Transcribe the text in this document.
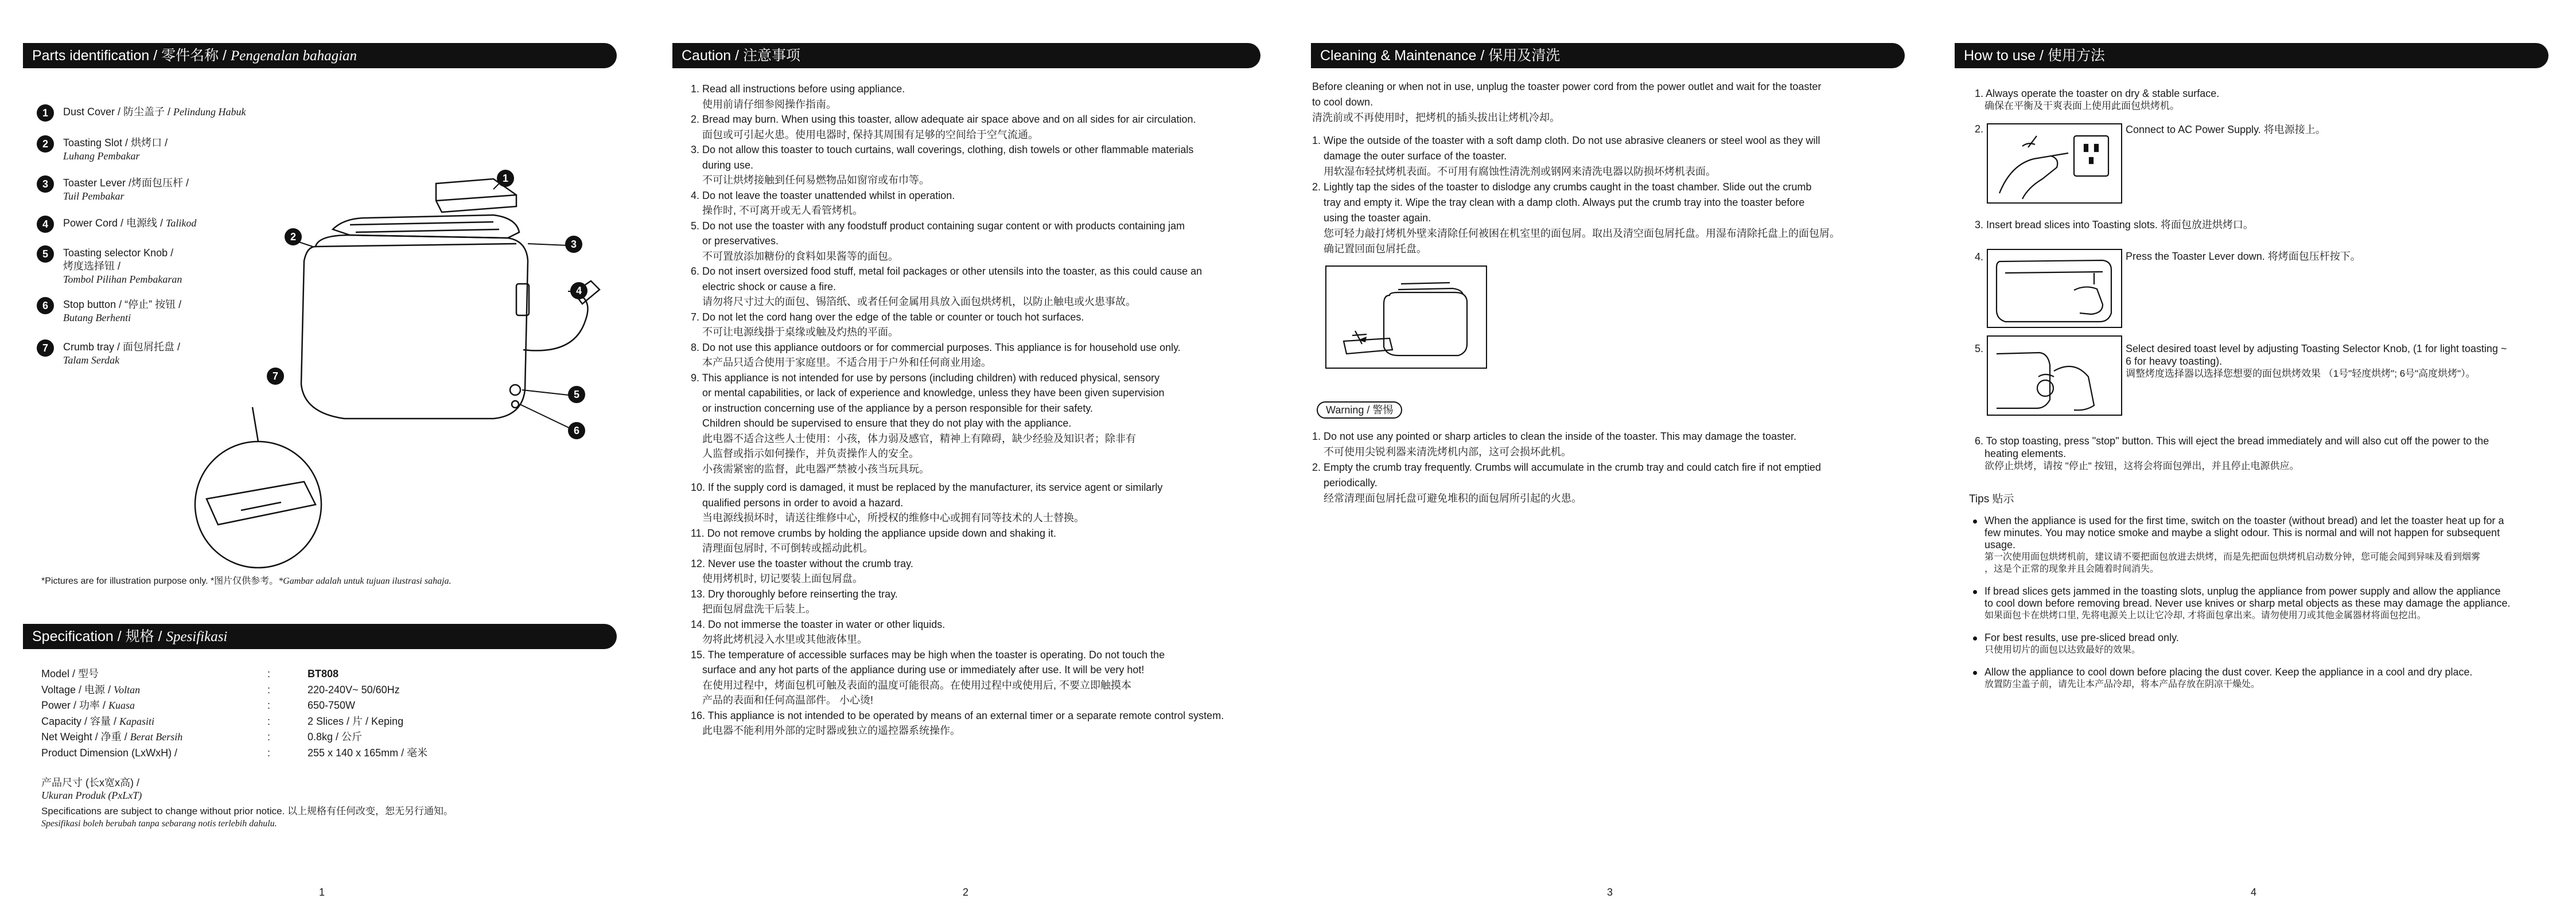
Parts identification / 零件名称 / Pengenalan bahagian
1	Dust Cover / 防尘盖子 / Pelindung Habuk
2	Toasting Slot / 烘烤口 /
Luhang Pembakar
3	Toaster Lever /烤面包压杆 /
Tuil Pembakar
4	Power Cord / 电源线 / Talikod
5	Toasting selector Knob /
烤度选择钮 /
Tombol Pilihan Pembakaran
6	Stop button / “停止” 按钮 /
Butang Berhenti
7	Crumb tray / 面包屑托盘 /
Talam Serdak
1
2
3
4
5
6
7
*Pictures are for illustration purpose only. *图片仅供参考。*Gambar adalah untuk tujuan ilustrasi sahaja.
Specification / 规格 / Spesifikasi
Model / 型号	:	BT808
Voltage / 电源 / Voltan	:	220-240V~ 50/60Hz
Power / 功率 / Kuasa	:	650-750W
Capacity / 容量 / Kapasiti	:	2 Slices / 片 / Keping
Net Weight / 净重 / Berat Bersih	:	0.8kg / 公斤
Product Dimension (LxWxH) /	:	255 x 140 x 165mm / 毫米
产品尺寸 (长x宽x高) /
Ukuran Produk (PxLxT)
Specifications are subject to change without prior notice. 以上规格有任何改变，恕无另行通知。
Spesifikasi boleh berubah tanpa sebarang notis terlebih dahulu.
1
Caution / 注意事项
1. Read all instructions before using appliance.
使用前请仔细参阅操作指南。
2. Bread may burn. When using this toaster, allow adequate air space above and on all sides for air circulation.
面包或可引起火患。使用电器时, 保持其周围有足够的空间给于空气流通。
3. Do not allow this toaster to touch curtains, wall coverings, clothing, dish towels or other flammable materials
during use.
不可让烘烤接触到任何易燃物品如窗帘或布巾等。
4. Do not leave the toaster unattended whilst in operation.
操作时, 不可离开或无人看管烤机。
5. Do not use the toaster with any foodstuff product containing sugar content or with products containing jam
or preservatives.
不可置放添加糖份的食料如果酱等的面包。
6. Do not insert oversized food stuff, metal foil packages or other utensils into the toaster, as this could cause an
electric shock or cause a fire.
请勿将尺寸过大的面包、锡箔纸、或者任何金属用具放入面包烘烤机，以防止触电或火患事故。
7. Do not let the cord hang over the edge of the table or counter or touch hot surfaces.
不可让电源线掛于桌缘或触及灼热的平面。
8. Do not use this appliance outdoors or for commercial purposes. This appliance is for household use only.
本产品只适合使用于家庭里。不适合用于户外和任何商业用途。
9. This appliance is not intended for use by persons (including children) with reduced physical, sensory
or mental capabilities, or lack of experience and knowledge, unless they have been given supervision
or instruction concerning use of the appliance by a person responsible for their safety.
Children should be supervised to ensure that they do not play with the appliance.
此电器不适合这些人士使用：小孩，体力弱及感官，精神上有障碍，缺少经验及知识者；除非有
人监督或指示如何操作，并负责操作人的安全。
小孩需紧密的监督，此电器严禁被小孩当玩具玩。
10. If the supply cord is damaged, it must be replaced by the manufacturer, its service agent or similarly
qualified persons in order to avoid a hazard.
当电源线损坏时，请送往维修中心，所授权的维修中心或拥有同等技术的人士替换。
11. Do not remove crumbs by holding the appliance upside down and shaking it.
清理面包屑时, 不可倒转或摇动此机。
12. Never use the toaster without the crumb tray.
使用烤机时, 切记要装上面包屑盘。
13. Dry thoroughly before reinserting the tray.
把面包屑盘洗干后装上。
14. Do not immerse the toaster in water or other liquids.
勿将此烤机浸入水里或其他液体里。
15. The temperature of accessible surfaces may be high when the toaster is operating. Do not touch the
surface and any hot parts of the appliance during use or immediately after use. It will be very hot!
在使用过程中，烤面包机可触及表面的温度可能很高。在使用过程中或使用后, 不要立即触摸本
产品的表面和任何高温部件。 小心烫!
16. This appliance is not intended to be operated by means of an external timer or a separate remote control system.
此电器不能利用外部的定时器或独立的遥控器系统操作。
2
Cleaning & Maintenance / 保用及清洗
Before cleaning or when not in use, unplug the toaster power cord from the power outlet and wait for the toaster
to cool down.
清洗前或不再使用时，把烤机的插头拔出让烤机冷却。
1. Wipe the outside of the toaster with a soft damp cloth. Do not use abrasive cleaners or steel wool as they will
damage the outer surface of the toaster.
用软湿布轻拭烤机表面。不可用有腐蚀性清洗剂或钢网来清洗电器以防损坏烤机表面。
2. Lightly tap the sides of the toaster to dislodge any crumbs caught in the toast chamber. Slide out the crumb
tray and empty it. Wipe the tray clean with a damp cloth. Always put the crumb tray into the toaster before
using the toaster again.
您可轻力敲打烤机外壁来清除任何被困在机室里的面包屑。取出及清空面包屑托盘。用湿布清除托盘上的面包屑。
确记置回面包屑托盘。
Warning / 警惕
1. Do not use any pointed or sharp articles to clean the inside of the toaster. This may damage the toaster.
不可使用尖锐利器来清洗烤机内部，这可会损坏此机。
2. Empty the crumb tray frequently. Crumbs will accumulate in the crumb tray and could catch fire if not emptied
periodically.
经常清理面包屑托盘可避免堆积的面包屑所引起的火患。
3
How to use / 使用方法
1. Always operate the toaster on dry & stable surface.
确保在平衡及干爽表面上使用此面包烘烤机。
2.	Connect to AC Power Supply. 将电源接上。
3. Insert bread slices into Toasting slots. 将面包放进烘烤口。
4.	Press the Toaster Lever down. 将烤面包压杆按下。
5.	Select desired toast level by adjusting Toasting Selector Knob, (1 for light toasting ~
6 for heavy toasting).
调整烤度选择器以选择您想要的面包烘烤效果 （1号"轻度烘烤"; 6号"高度烘烤"）。
6. To stop toasting, press "stop" button. This will eject the bread immediately and will also cut off the power to the
heating elements.
欲停止烘烤，请按 "停止" 按钮，这将会将面包弹出，并且停止电源供应。
Tips 贴示
When the appliance is used for the first time, switch on the toaster (without bread) and let the toaster heat up for a
few minutes. You may notice smoke and maybe a slight odour. This is normal and will not happen for subsequent
usage.
第一次使用面包烘烤机前，建议请不要把面包放进去烘烤，而是先把面包烘烤机启动数分钟，您可能会闻到异味及看到烟雾
，这是个正常的现象并且会随着时间消失。
If bread slices gets jammed in the toasting slots, unplug the appliance from power supply and allow the appliance
to cool down before removing bread. Never use knives or sharp metal objects as these may damage the appliance.
如果面包卡在烘烤口里, 先将电源关上以让它冷却, 才将面包拿出来。请勿使用刀或其他金属器材将面包挖出。
For best results, use pre-sliced bread only.
只使用切片的面包以达致最好的效果。
Allow the appliance to cool down before placing the dust cover. Keep the appliance in a cool and dry place.
放置防尘盖子前，请先让本产品冷却，将本产品存放在阴凉干燥处。
4
